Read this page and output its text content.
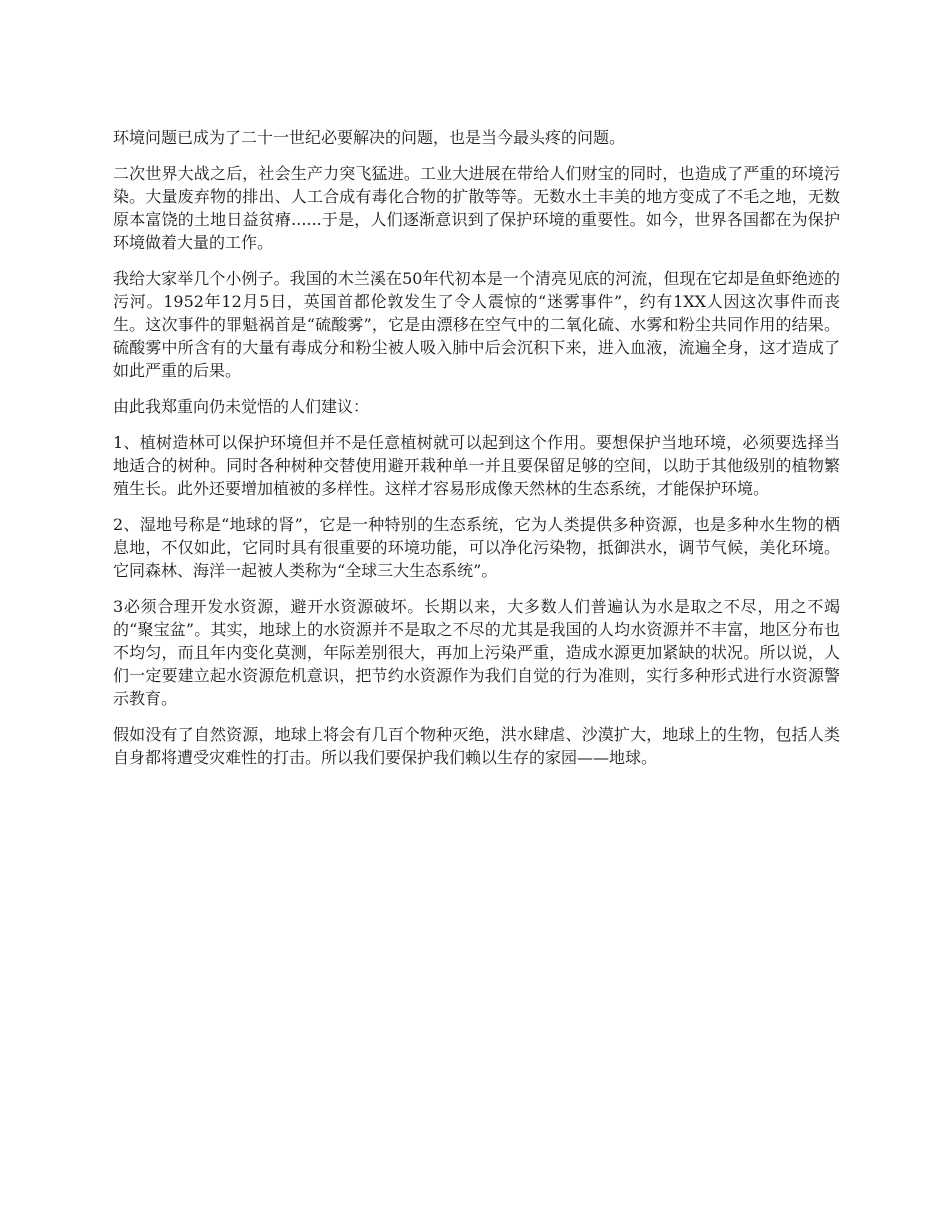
环境问题已成为了二十一世纪必要解决的问题，也是当今最头疼的问题。

二次世界大战之后，社会生产力突飞猛进。工业大进展在带给人们财宝的同时，也造成了严重的环境污染。大量废弃物的排出、人工合成有毒化合物的扩散等等。无数水土丰美的地方变成了不毛之地，无数原本富饶的土地日益贫瘠......于是，人们逐渐意识到了保护环境的重要性。如今，世界各国都在为保护环境做着大量的工作。

我给大家举几个小例子。我国的木兰溪在50年代初本是一个清亮见底的河流，但现在它却是鱼虾绝迹的污河。1952年12月5日，英国首都伦敦发生了令人震惊的“迷雾事件”，约有1XX人因这次事件而丧生。这次事件的罪魁祸首是“硫酸雾”，它是由漂移在空气中的二氧化硫、水雾和粉尘共同作用的结果。硫酸雾中所含有的大量有毒成分和粉尘被人吸入肺中后会沉积下来，进入血液，流遍全身，这才造成了如此严重的后果。

由此我郑重向仍未觉悟的人们建议：

1、植树造林可以保护环境但并不是任意植树就可以起到这个作用。要想保护当地环境，必须要选择当地适合的树种。同时各种树种交替使用避开栽种单一并且要保留足够的空间，以助于其他级别的植物繁殖生长。此外还要增加植被的多样性。这样才容易形成像天然林的生态系统，才能保护环境。

2、湿地号称是“地球的肾”，它是一种特别的生态系统，它为人类提供多种资源，也是多种水生物的栖息地，不仅如此，它同时具有很重要的环境功能，可以净化污染物，抵御洪水，调节气候，美化环境。它同森林、海洋一起被人类称为“全球三大生态系统”。

3必须合理开发水资源，避开水资源破坏。长期以来，大多数人们普遍认为水是取之不尽，用之不竭的“聚宝盆”。其实，地球上的水资源并不是取之不尽的尤其是我国的人均水资源并不丰富，地区分布也不均匀，而且年内变化莫测，年际差别很大，再加上污染严重，造成水源更加紧缺的状况。所以说，人们一定要建立起水资源危机意识，把节约水资源作为我们自觉的行为准则，实行多种形式进行水资源警示教育。

假如没有了自然资源，地球上将会有几百个物种灭绝，洪水肆虐、沙漠扩大，地球上的生物，包括人类自身都将遭受灾难性的打击。所以我们要保护我们赖以生存的家园——地球。
